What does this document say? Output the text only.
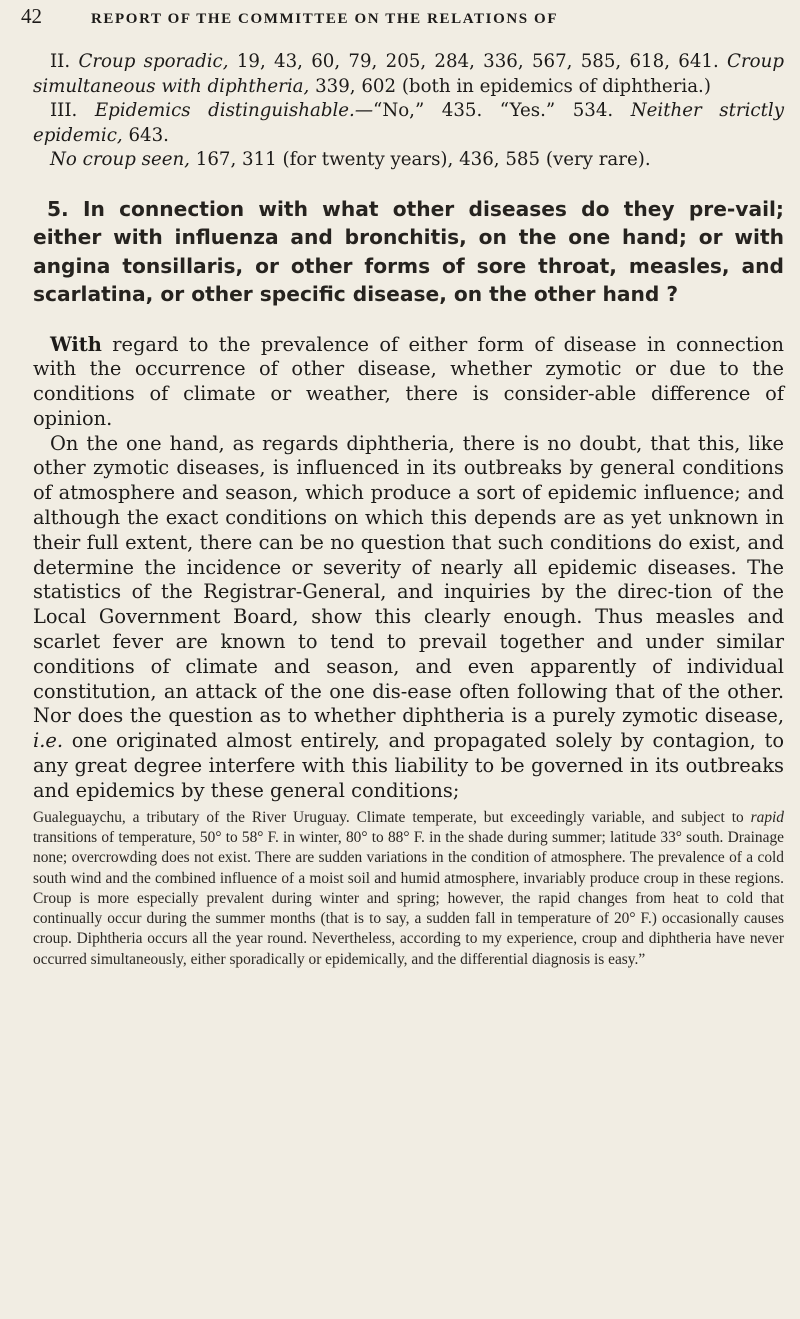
42	REPORT OF THE COMMITTEE ON THE RELATIONS OF

II. Croup sporadic, 19, 43, 60, 79, 205, 284, 336, 567, 585, 618, 641. Croup simultaneous with diphtheria, 339, 602 (both in epidemics of diphtheria.)

III. Epidemics distinguishable.—“No,” 435. “Yes.” 534. Neither strictly epidemic, 643.

No croup seen, 167, 311 (for twenty years), 436, 585 (very rare).

5. In connection with what other diseases do they pre-vail; either with influenza and bronchitis, on the one hand; or with angina tonsillaris, or other forms of sore throat, measles, and scarlatina, or other specific disease, on the other hand ?

With regard to the prevalence of either form of disease in connection with the occurrence of other disease, whether zymotic or due to the conditions of climate or weather, there is consider-able difference of opinion.

On the one hand, as regards diphtheria, there is no doubt, that this, like other zymotic diseases, is influenced in its outbreaks by general conditions of atmosphere and season, which produce a sort of epidemic influence; and although the exact conditions on which this depends are as yet unknown in their full extent, there can be no question that such conditions do exist, and determine the incidence or severity of nearly all epidemic diseases. The statistics of the Registrar-General, and inquiries by the direc-tion of the Local Government Board, show this clearly enough. Thus measles and scarlet fever are known to tend to prevail together and under similar conditions of climate and season, and even apparently of individual constitution, an attack of the one dis-ease often following that of the other. Nor does the question as to whether diphtheria is a purely zymotic disease, i.e. one originated almost entirely, and propagated solely by contagion, to any great degree interfere with this liability to be governed in its outbreaks and epidemics by these general conditions;

Gualeguaychu, a tributary of the River Uruguay. Climate temperate, but exceedingly variable, and subject to rapid transitions of temperature, 50° to 58° F. in winter, 80° to 88° F. in the shade during summer; latitude 33° south. Drainage none; overcrowding does not exist. There are sudden variations in the condition of atmosphere. The prevalence of a cold south wind and the combined influence of a moist soil and humid atmosphere, invariably produce croup in these regions. Croup is more especially prevalent during winter and spring; however, the rapid changes from heat to cold that continually occur during the summer months (that is to say, a sudden fall in temperature of 20° F.) occasionally causes croup. Diphtheria occurs all the year round. Nevertheless, according to my experience, croup and diphtheria have never occurred simultaneously, either sporadically or epidemically, and the differential diagnosis is easy.”
